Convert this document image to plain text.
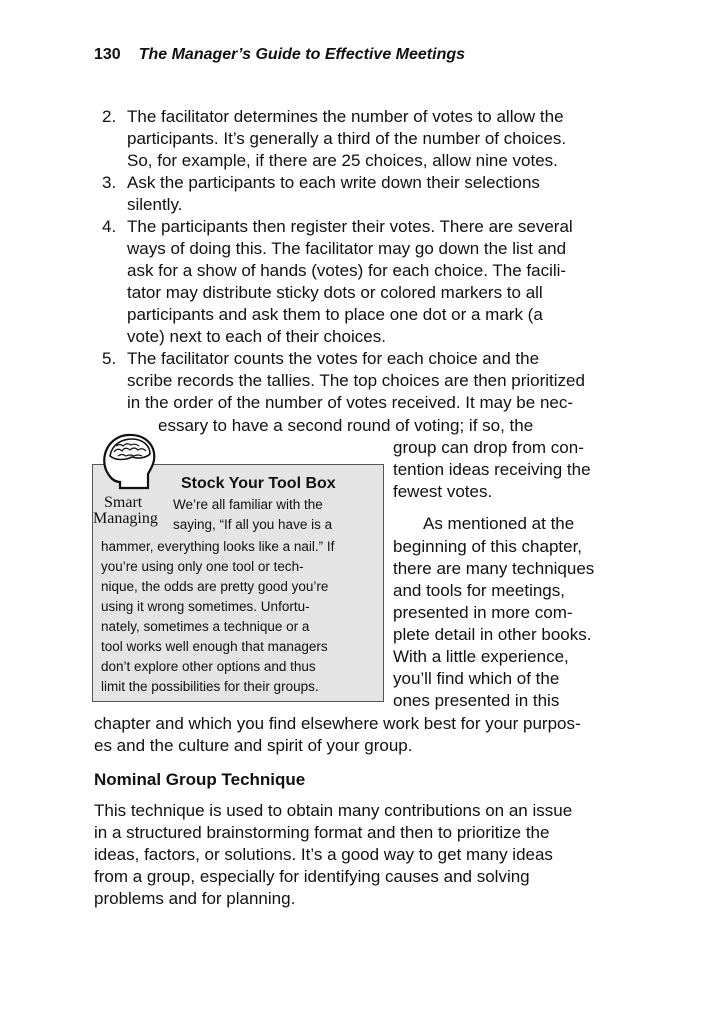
130 The Manager’s Guide to Effective Meetings
2.
3.
4.
5.
The facilitator determines the number of votes to allow the
participants. It’s generally a third of the number of choices.
So, for example, if there are 25 choices, allow nine votes.
Ask the participants to each write down their selections
silently.
The participants then register their votes. There are several
ways of doing this. The facilitator may go down the list and
ask for a show of hands (votes) for each choice. The facili-
tator may distribute sticky dots or colored markers to all
participants and ask them to place one dot or a mark (a
vote) next to each of their choices.
The facilitator counts the votes for each choice and the
scribe records the tallies. The top choices are then prioritized
in the order of the number of votes received. It may be nec-
essary to have a second round of voting; if so, the
group can drop from con-
tention ideas receiving the
fewest votes.
As mentioned at the
beginning of this chapter,
there are many techniques
and tools for meetings,
presented in more com-
plete detail in other books.
With a little experience,
you’ll find which of the
ones presented in this
chapter and which you find elsewhere work best for your purpos-
es and the culture and spirit of your group.
Stock Your Tool Box
We’re all familiar with the
saying, “If all you have is a
hammer, everything looks like a nail.” If
you’re using only one tool or tech-
nique, the odds are pretty good you’re
using it wrong sometimes. Unfortu-
nately, sometimes a technique or a
tool works well enough that managers
don’t explore other options and thus
limit the possibilities for their groups.
Smart
Managing
Nominal Group Technique
This technique is used to obtain many contributions on an issue
in a structured brainstorming format and then to prioritize the
ideas, factors, or solutions. It’s a good way to get many ideas
from a group, especially for identifying causes and solving
problems and for planning.
